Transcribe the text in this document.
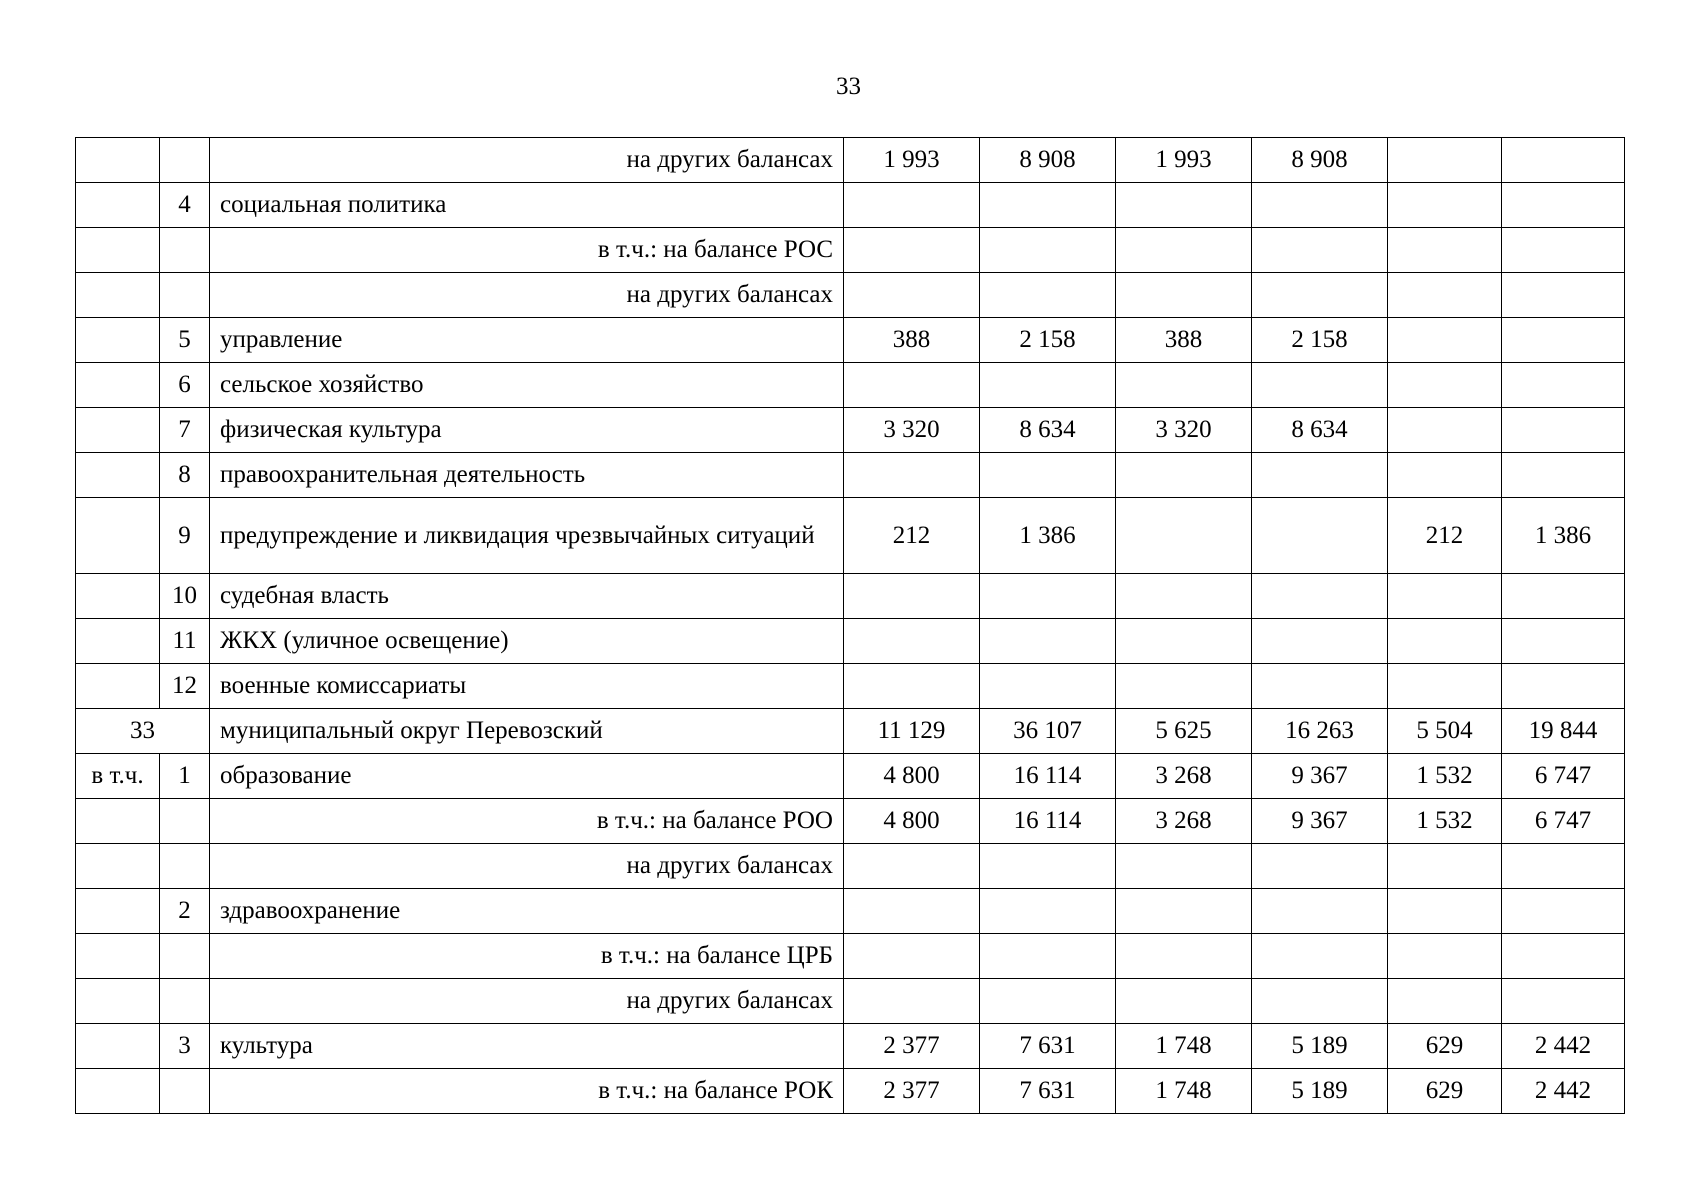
33
		на других балансах	1 993	8 908	1 993	8 908		
	4	социальная политика						
		в т.ч.: на балансе РОС						
		на других балансах						
	5	управление	388	2 158	388	2 158		
	6	сельское хозяйство						
	7	физическая культура	3 320	8 634	3 320	8 634		
	8	правоохранительная деятельность						
	9	предупреждение и ликвидация чрезвычайных ситуаций	212	1 386			212	1 386
	10	судебная власть						
	11	ЖКХ (уличное освещение)						
	12	военные комиссариаты						
33		муниципальный округ Перевозский	11 129	36 107	5 625	16 263	5 504	19 844
в т.ч.	1	образование	4 800	16 114	3 268	9 367	1 532	6 747
		в т.ч.: на балансе РОО	4 800	16 114	3 268	9 367	1 532	6 747
		на других балансах						
	2	здравоохранение						
		в т.ч.: на балансе ЦРБ						
		на других балансах						
	3	культура	2 377	7 631	1 748	5 189	629	2 442
		в т.ч.: на балансе РОК	2 377	7 631	1 748	5 189	629	2 442
